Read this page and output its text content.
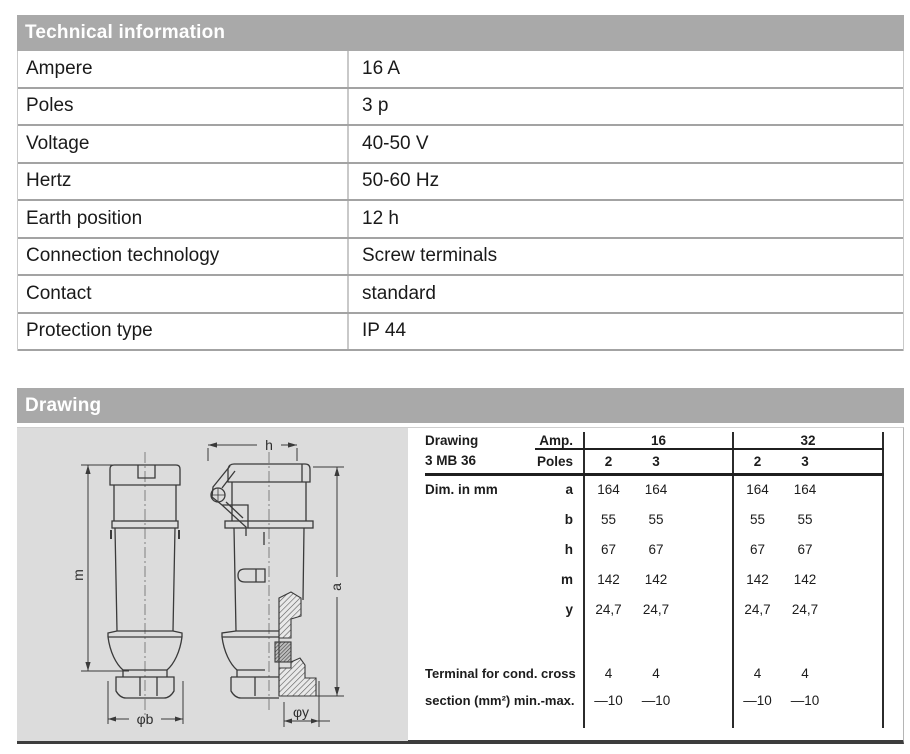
Technical information
Ampere	16 A
Poles	3 p
Voltage	40-50 V
Hertz	50-60 Hz
Earth position	12 h
Connection technology	Screw terminals
Contact	standard
Protection type	IP 44
Drawing
m
φb
h
a
φy
Drawing	Amp.	16			32		
3 MB 36	Poles	2	3		2	3	
Dim. in mm	a	164	164		164	164	
	b	55	55		55	55	
	h	67	67		67	67	
	m	142	142		142	142	
	y	24,7	24,7		24,7	24,7	

Terminal for cond. cross		4	4		4	4	
section (mm²) min.-max.		—10	—10		—10	—10	
